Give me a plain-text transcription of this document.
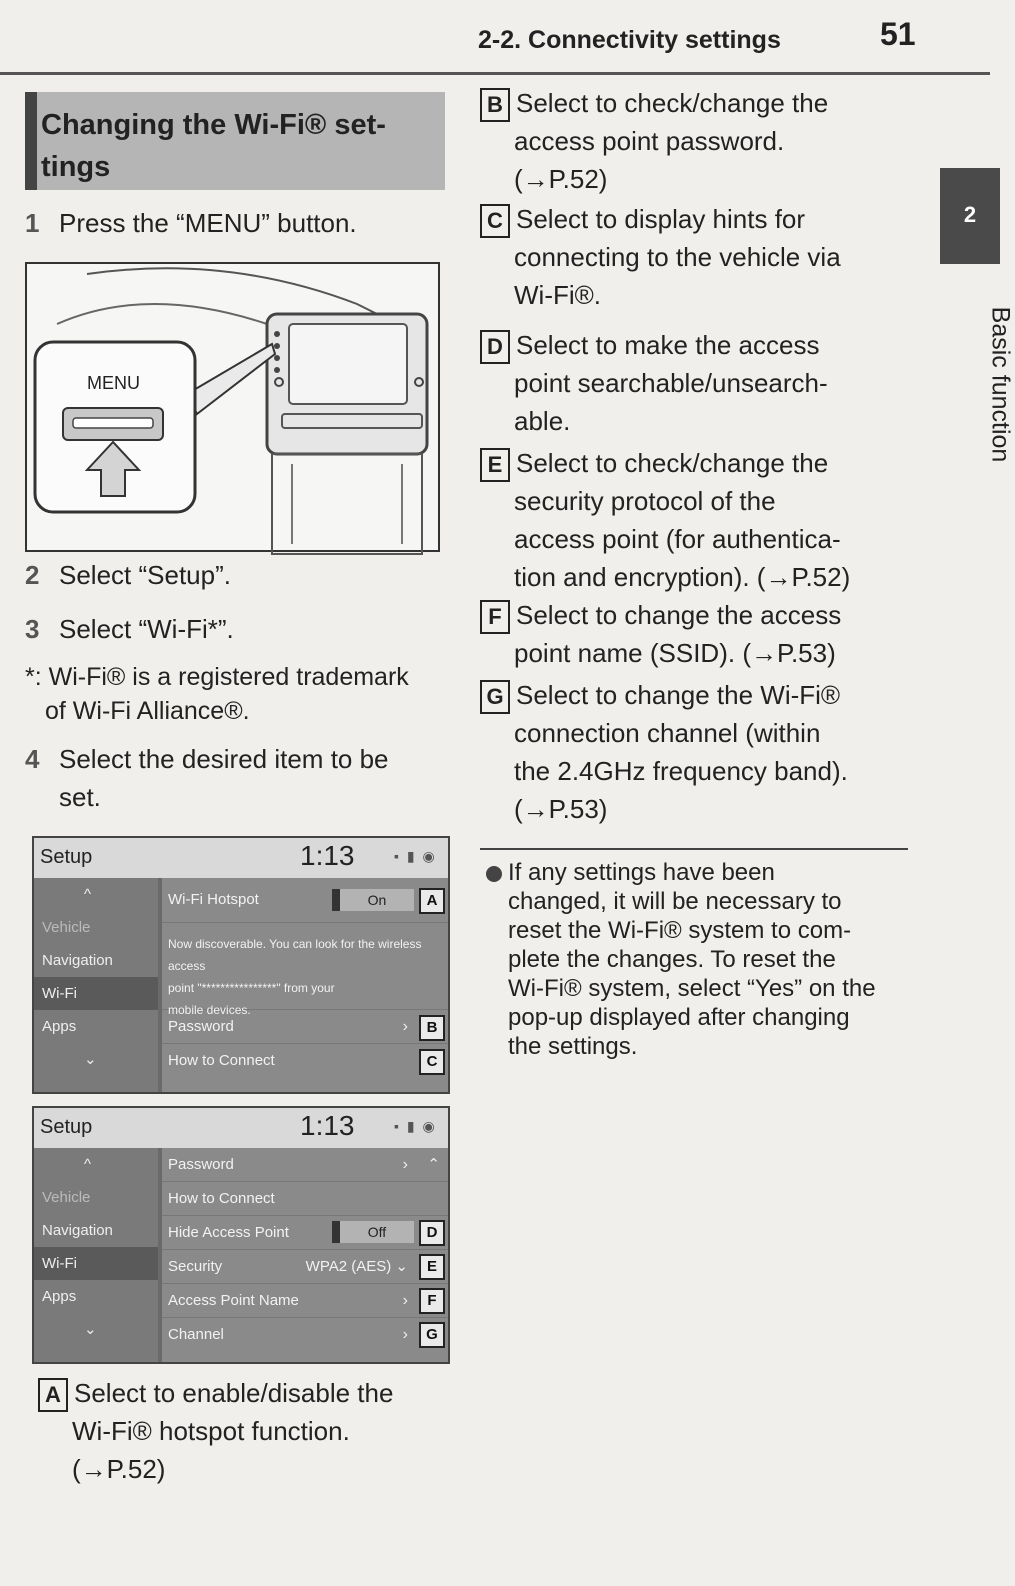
2-2. Connectivity settings	51
2
Basic function
Changing the Wi-Fi® set-
tings
1 Press the “MENU” button.
MENU
2 Select “Setup”.
3 Select “Wi-Fi*”.
*: Wi-Fi® is a registered trademark
of Wi-Fi Alliance®.
4 Select the desired item to be
set.
Setup	1:13	▪ ▮ ◉
^
Vehicle
Navigation
Wi-Fi
Apps
⌄
Wi-Fi Hotspot	On	A
Now discoverable. You can look for the wireless access
point "****************" from your
mobile devices.
Password	›	B
How to Connect	C
Setup	1:13	▪ ▮ ◉
^
Vehicle
Navigation
Wi-Fi
Apps
⌄
Password	› ⌃
How to Connect
Hide Access Point	Off	D
Security	WPA2 (AES) ⌄	E
Access Point Name	›	F
Channel	›	G
A Select to enable/disable the
Wi-Fi® hotspot function.
(→P.52)
B Select to check/change the
access point password.
(→P.52)
C Select to display hints for
connecting to the vehicle via
Wi-Fi®.
D Select to make the access
point searchable/unsearch-
able.
E Select to check/change the
security protocol of the
access point (for authentica-
tion and encryption). (→P.52)
F Select to change the access
point name (SSID). (→P.53)
G Select to change the Wi-Fi®
connection channel (within
the 2.4GHz frequency band).
(→P.53)
If any settings have been
changed, it will be necessary to
reset the Wi-Fi® system to com-
plete the changes. To reset the
Wi-Fi® system, select “Yes” on the
pop-up displayed after changing
the settings.
